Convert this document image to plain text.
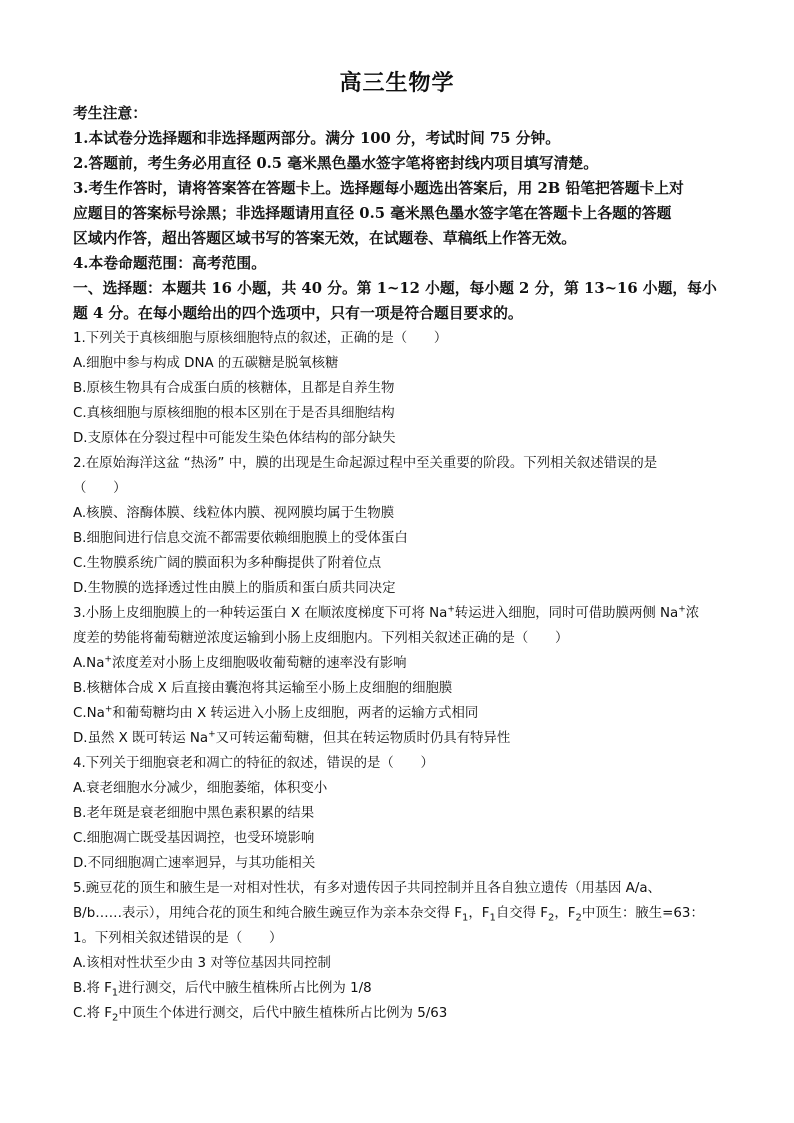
高三生物学
考生注意：
1.本试卷分选择题和非选择题两部分。满分 100 分，考试时间 75 分钟。
2.答题前，考生务必用直径 0.5 毫米黑色墨水签字笔将密封线内项目填写清楚。
3.考生作答时，请将答案答在答题卡上。选择题每小题选出答案后，用 2B 铅笔把答题卡上对
应题目的答案标号涂黑；非选择题请用直径 0.5 毫米黑色墨水签字笔在答题卡上各题的答题
区域内作答，超出答题区域书写的答案无效，在试题卷、草稿纸上作答无效。
4.本卷命题范围：高考范围。
一、选择题：本题共 16 小题，共 40 分。第 1~12 小题，每小题 2 分，第 13~16 小题，每小
题 4 分。在每小题给出的四个选项中，只有一项是符合题目要求的。
1.下列关于真核细胞与原核细胞特点的叙述，正确的是（　　）
A.细胞中参与构成 DNA 的五碳糖是脱氧核糖
B.原核生物具有合成蛋白质的核糖体，且都是自养生物
C.真核细胞与原核细胞的根本区别在于是否具细胞结构
D.支原体在分裂过程中可能发生染色体结构的部分缺失
2.在原始海洋这盆 “热汤” 中，膜的出现是生命起源过程中至关重要的阶段。下列相关叙述错误的是
（　　）
A.核膜、溶酶体膜、线粒体内膜、视网膜均属于生物膜
B.细胞间进行信息交流不都需要依赖细胞膜上的受体蛋白
C.生物膜系统广阔的膜面积为多种酶提供了附着位点
D.生物膜的选择透过性由膜上的脂质和蛋白质共同决定
3.小肠上皮细胞膜上的一种转运蛋白 X 在顺浓度梯度下可将 Na+转运进入细胞，同时可借助膜两侧 Na+浓
度差的势能将葡萄糖逆浓度运输到小肠上皮细胞内。下列相关叙述正确的是（　　）
A.Na+浓度差对小肠上皮细胞吸收葡萄糖的速率没有影响
B.核糖体合成 X 后直接由囊泡将其运输至小肠上皮细胞的细胞膜
C.Na+和葡萄糖均由 X 转运进入小肠上皮细胞，两者的运输方式相同
D.虽然 X 既可转运 Na+又可转运葡萄糖，但其在转运物质时仍具有特异性
4.下列关于细胞衰老和凋亡的特征的叙述，错误的是（　　）
A.衰老细胞水分减少，细胞萎缩，体积变小
B.老年斑是衰老细胞中黑色素积累的结果
C.细胞凋亡既受基因调控，也受环境影响
D.不同细胞凋亡速率迥异，与其功能相关
5.豌豆花的顶生和腋生是一对相对性状，有多对遗传因子共同控制并且各自独立遗传（用基因 A/a、
B/b……表示），用纯合花的顶生和纯合腋生豌豆作为亲本杂交得 $F_1$，$F_1$自交得 $F_2$，$F_2$中顶生：腋生=63：
1。下列相关叙述错误的是（　　）
A.该相对性状至少由 3 对等位基因共同控制
B.将 $F_1$进行测交，后代中腋生植株所占比例为 1/8
C.将 $F_2$中顶生个体进行测交，后代中腋生植株所占比例为 5/63
